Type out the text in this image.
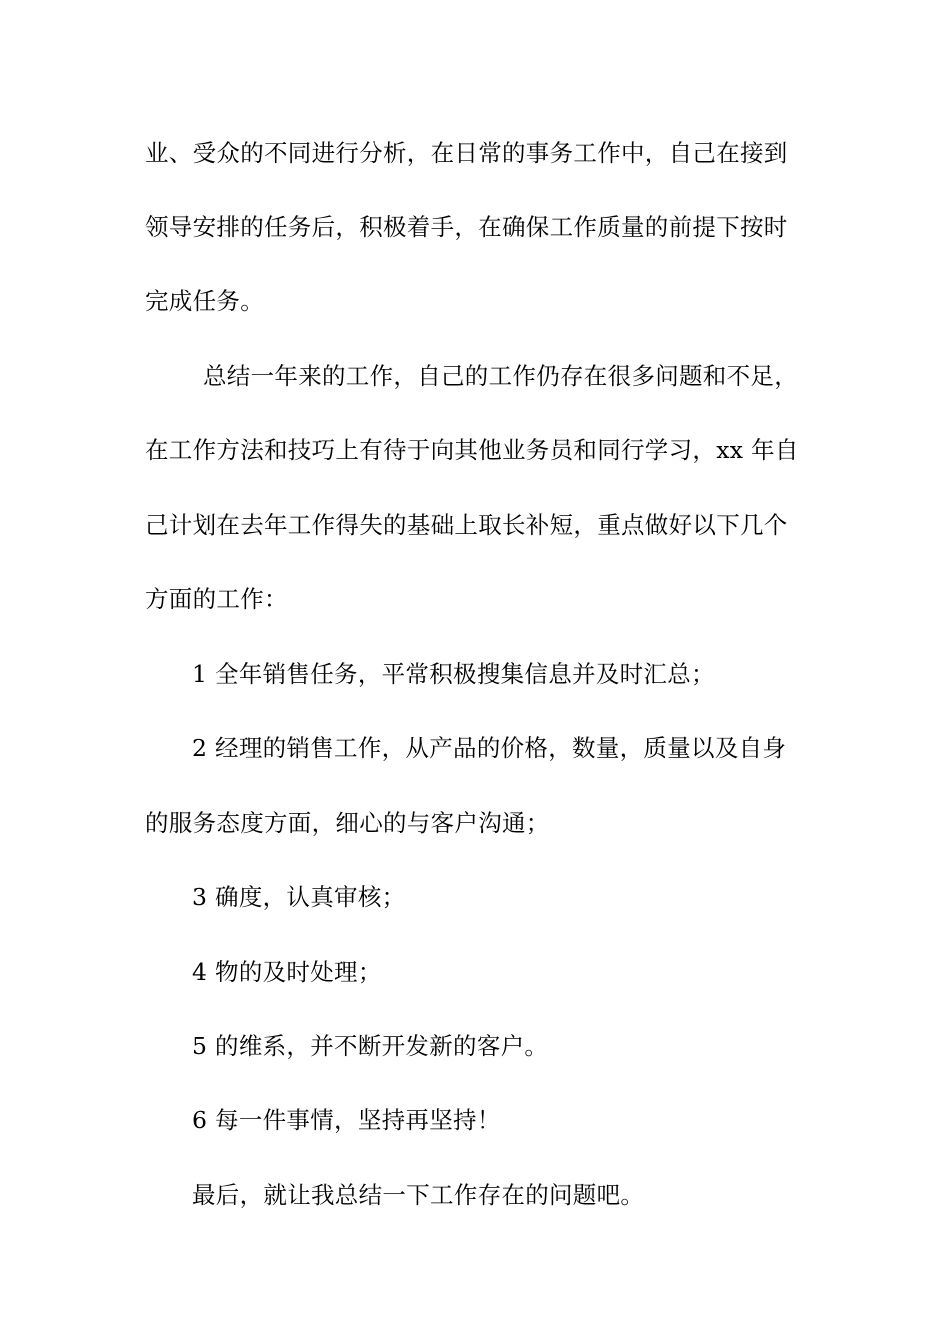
业、受众的不同进行分析，在日常的事务工作中，自己在接到
领导安排的任务后，积极着手，在确保工作质量的前提下按时
完成任务。
总结一年来的工作，自己的工作仍存在很多问题和不足，
在工作方法和技巧上有待于向其他业务员和同行学习，xx 年自
己计划在去年工作得失的基础上取长补短，重点做好以下几个
方面的工作：
1 全年销售任务，平常积极搜集信息并及时汇总；
2 经理的销售工作，从产品的价格，数量，质量以及自身
的服务态度方面，细心的与客户沟通；
3 确度，认真审核；
4 物的及时处理；
5 的维系，并不断开发新的客户。
6 每一件事情，坚持再坚持！
最后，就让我总结一下工作存在的问题吧。
